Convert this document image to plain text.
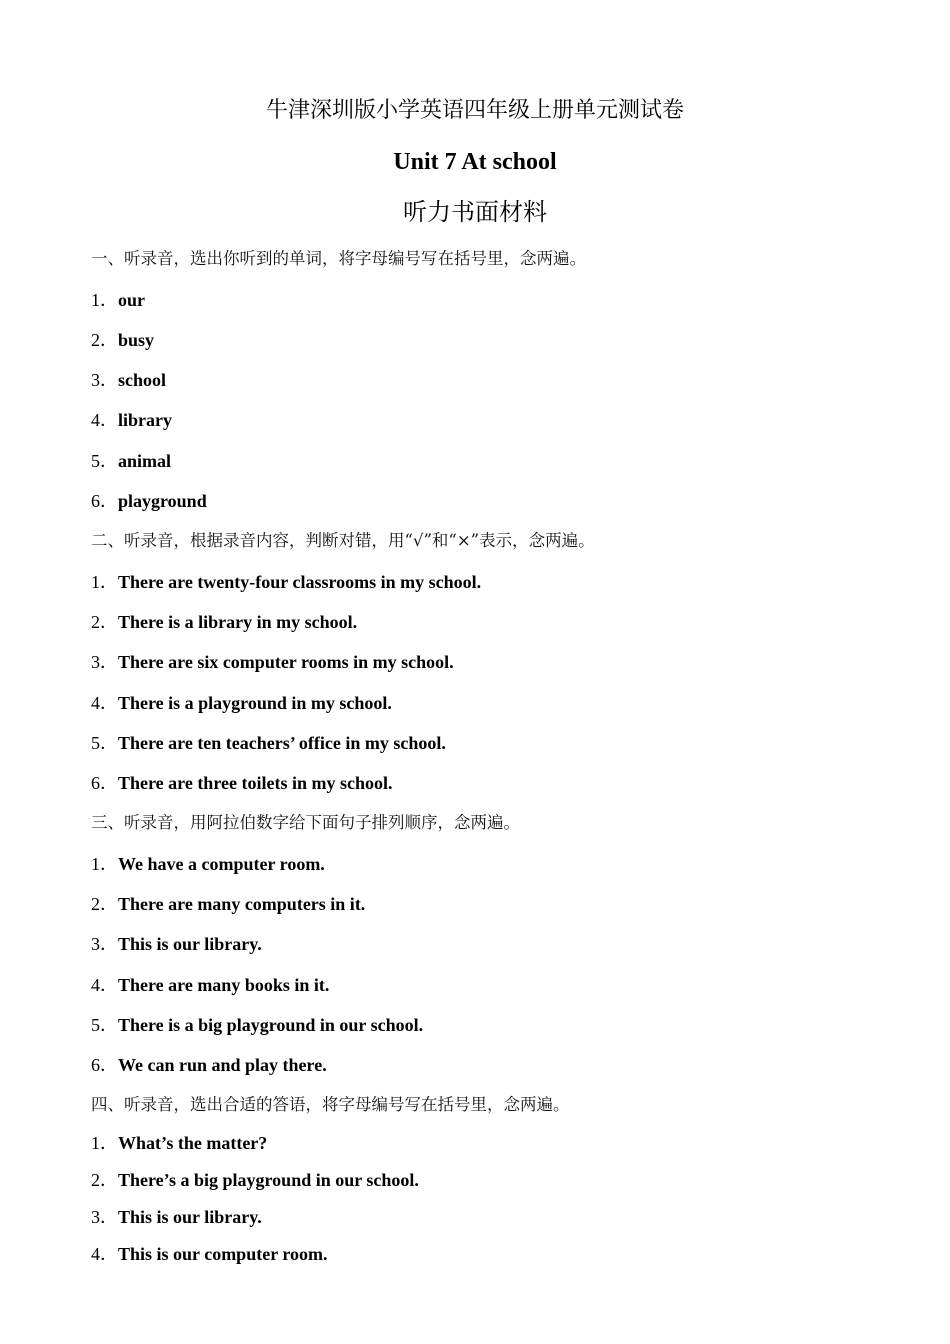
牛津深圳版小学英语四年级上册单元测试卷
Unit 7 At school
听力书面材料
一、听录音，选出你听到的单词，将字母编号写在括号里，念两遍。
1．our
2．busy
3．school
4．library
5．animal
6．playground
二、听录音，根据录音内容，判断对错，用“√”和“×”表示，念两遍。
1．There are twenty-four classrooms in my school.
2．There is a library in my school.
3．There are six computer rooms in my school.
4．There is a playground in my school.
5．There are ten teachers’ office in my school.
6．There are three toilets in my school.
三、听录音，用阿拉伯数字给下面句子排列顺序，念两遍。
1．We have a computer room.
2．There are many computers in it.
3．This is our library.
4．There are many books in it.
5．There is a big playground in our school.
6．We can run and play there.
四、听录音，选出合适的答语，将字母编号写在括号里，念两遍。
1．What’s the matter?
2．There’s a big playground in our school.
3．This is our library.
4．This is our computer room.
